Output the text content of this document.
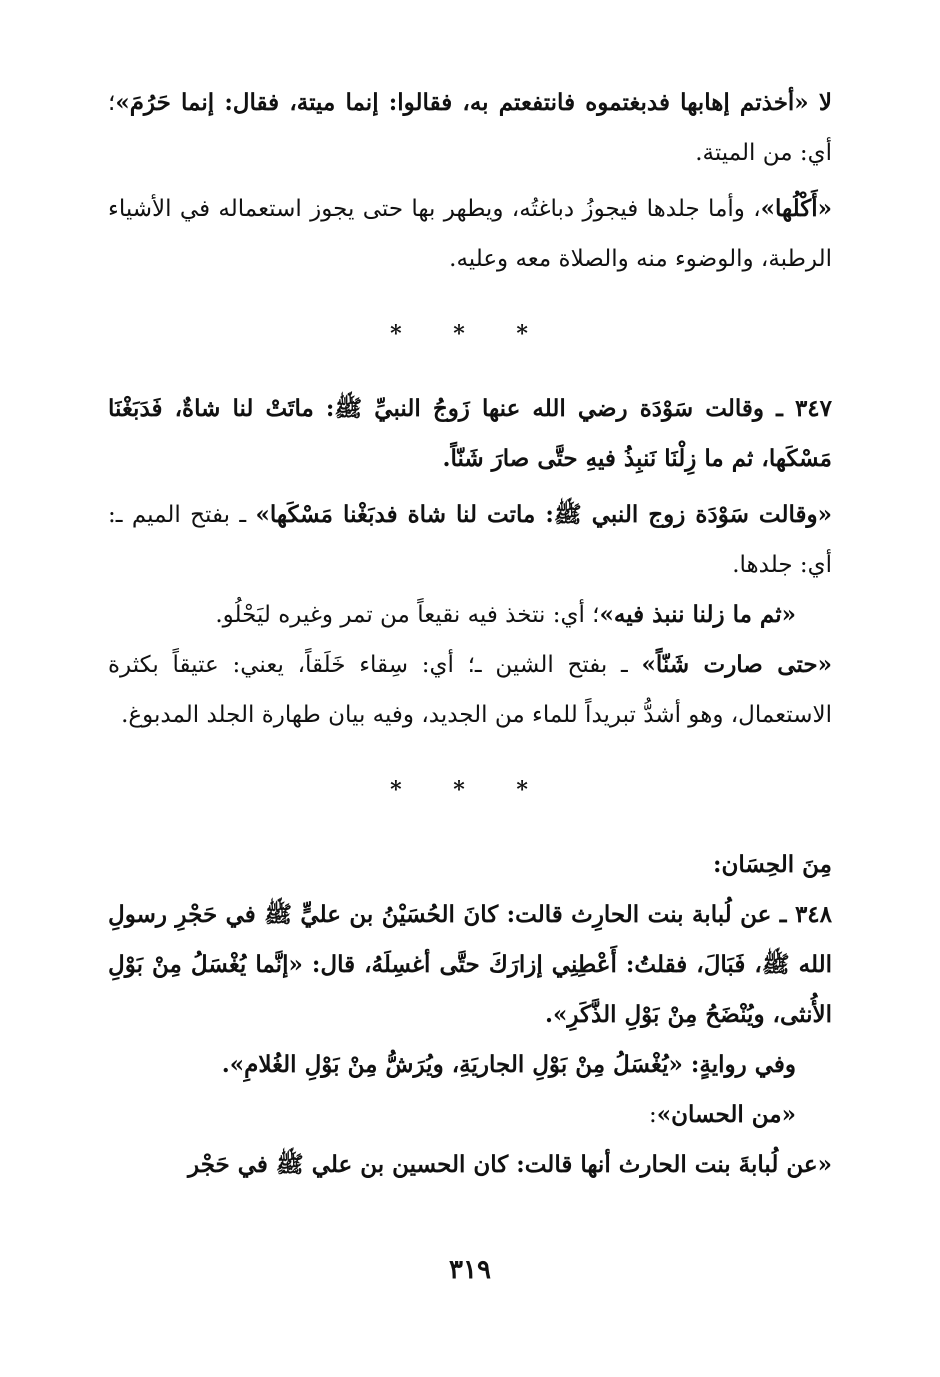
لا «أخذتم إهابها فدبغتموه فانتفعتم به، فقالوا: إنما ميتة، فقال: إنما حَرُمَ»؛ أي: من الميتة.

«أَكْلُها»، وأما جلدها فيجوزُ دباغتُه، ويطهر بها حتى يجوز استعماله في الأشياء الرطبة، والوضوء منه والصلاة معه وعليه.

* * *

٣٤٧ ـ وقالت سَوْدَة رضي الله عنها زَوجُ النبيِّ ﷺ: ماتَتْ لنا شاةٌ، فَدَبَغْنَا مَسْكَها، ثم ما زِلْنَا نَنبِذُ فيهِ حتَّى صارَ شَنّاً.

«وقالت سَوْدَة زوج النبي ﷺ: ماتت لنا شاة فدبَغْنا مَسْكَها» ـ بفتح الميم ـ: أي: جلدها.

«ثم ما زلنا ننبذ فيه»؛ أي: نتخذ فيه نقيعاً من تمر وغيره ليَحْلُو.

«حتى صارت شَنّاً» ـ بفتح الشين ـ؛ أي: سِقاء خَلَقاً، يعني: عتيقاً بكثرة الاستعمال، وهو أشدُّ تبريداً للماء من الجديد، وفيه بيان طهارة الجلد المدبوغ.

* * *

مِنَ الحِسَان:

٣٤٨ ـ عن لُبابة بنت الحارِث قالت: كانَ الحُسَيْنُ بن عليٍّ ﷺ في حَجْرِ رسولِ الله ﷺ، فَبَالَ، فقلتُ: أَعْطِنِي إزارَكَ حتَّى أغسِلَهُ، قال: «إنَّما يُغْسَلُ مِنْ بَوْلِ الأُنثى، ويُنْضَحُ مِنْ بَوْلِ الذَّكَرِ».

وفي روايةٍ: «يُغْسَلُ مِنْ بَوْلِ الجاريَةِ، ويُرَشُّ مِنْ بَوْلِ الغُلامِ».

«من الحسان»:

«عن لُبابةَ بنت الحارث أنها قالت: كان الحسين بن علي ﷺ في حَجْر

٣١٩
